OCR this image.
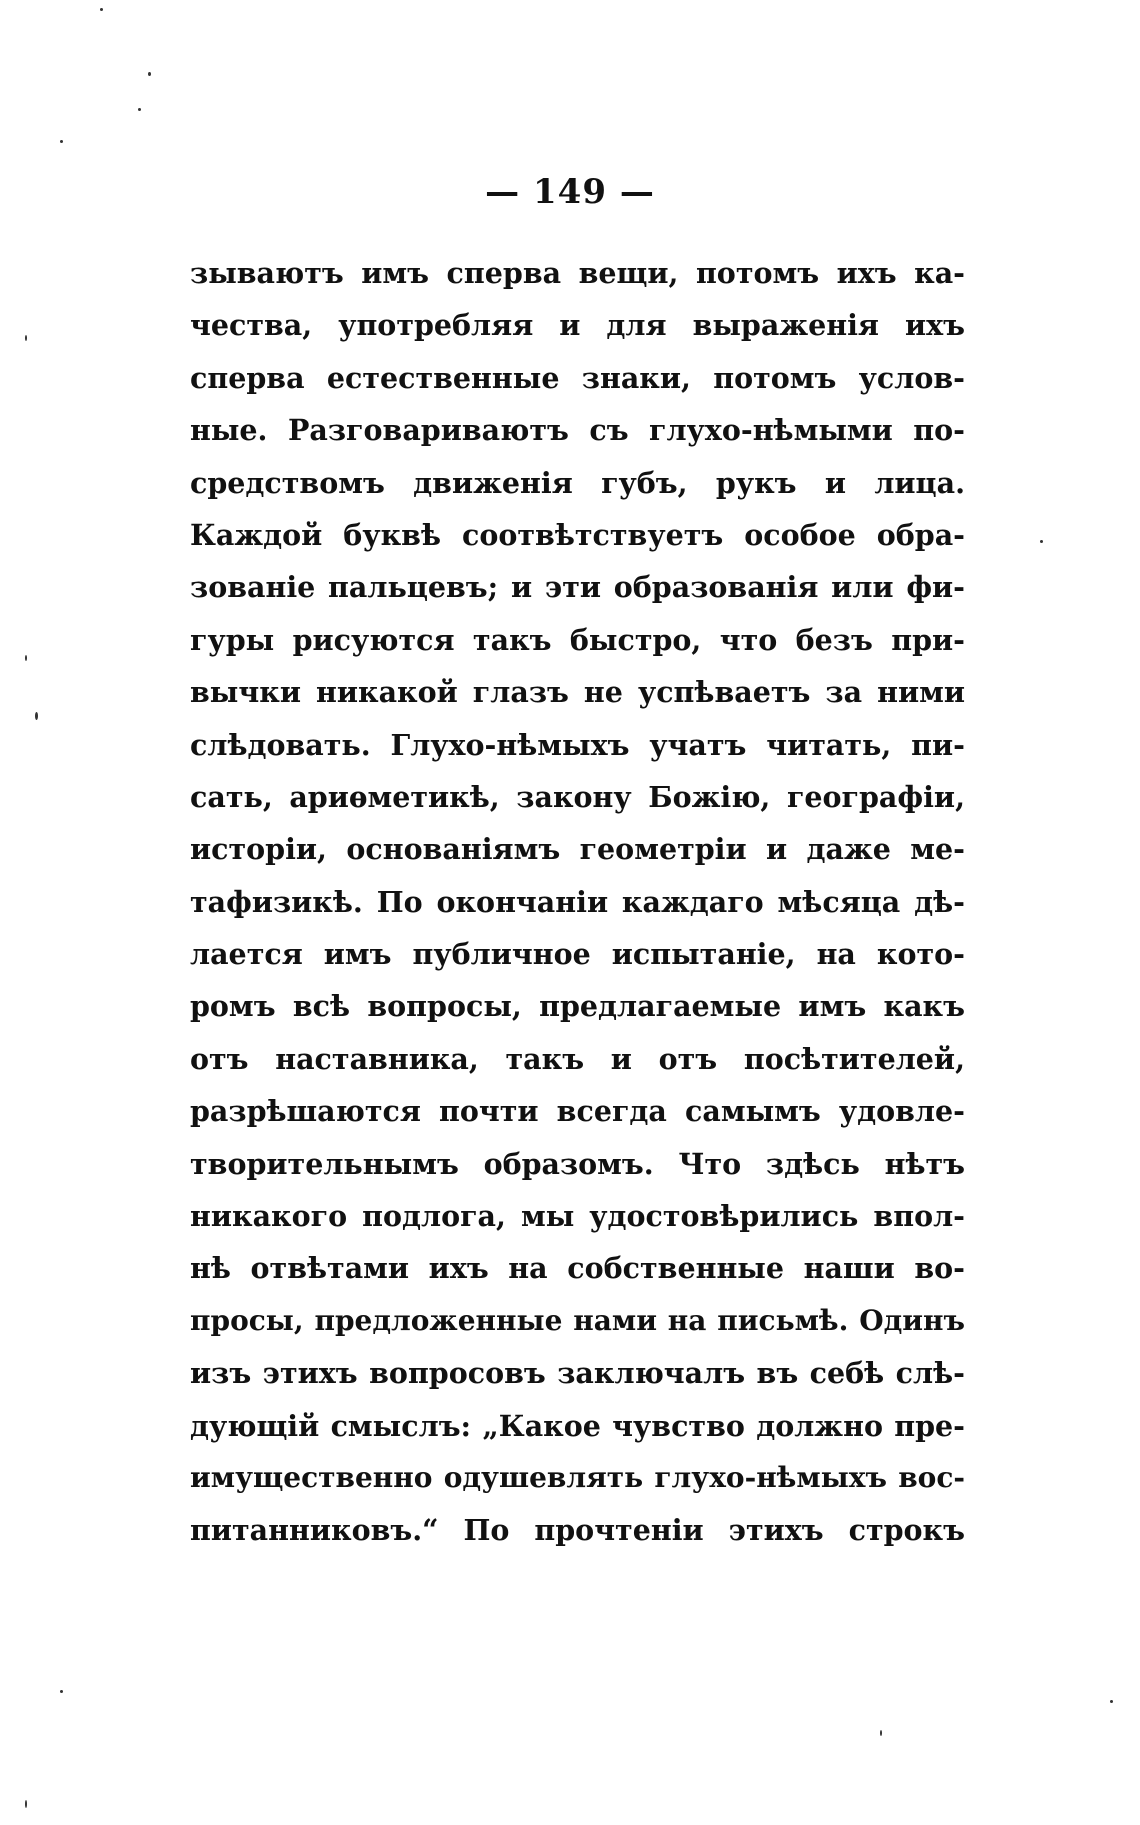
— 149 —
зываютъ имъ сперва вещи, потомъ ихъ ка-
чества, употребляя и для выраженія ихъ
сперва естественные знаки, потомъ услов-
ные. Разговариваютъ съ глухо-нѣмыми по-
средствомъ движенія губъ, рукъ и лица.
Каждой буквѣ соотвѣтствуетъ особое обра-
зованіе пальцевъ; и эти образованія или фи-
гуры рисуются такъ быстро, что безъ при-
вычки никакой глазъ не успѣваетъ за ними
слѣдовать. Глухо-нѣмыхъ учатъ читать, пи-
сать, ариѳметикѣ, закону Божію, географіи,
исторіи, основаніямъ геометріи и даже ме-
тафизикѣ. По окончаніи каждаго мѣсяца дѣ-
лается имъ публичное испытаніе, на кото-
ромъ всѣ вопросы, предлагаемые имъ какъ
отъ наставника, такъ и отъ посѣтителей,
разрѣшаются почти всегда самымъ удовле-
творительнымъ образомъ. Что здѣсь нѣтъ
никакого подлога, мы удостовѣрились впол-
нѣ отвѣтами ихъ на собственные наши во-
просы, предложенные нами на письмѣ. Одинъ
изъ этихъ вопросовъ заключалъ въ себѣ слѣ-
дующій смыслъ: „Какое чувство должно пре-
имущественно одушевлять глухо-нѣмыхъ вос-
питанниковъ.“ По прочтеніи этихъ строкъ
